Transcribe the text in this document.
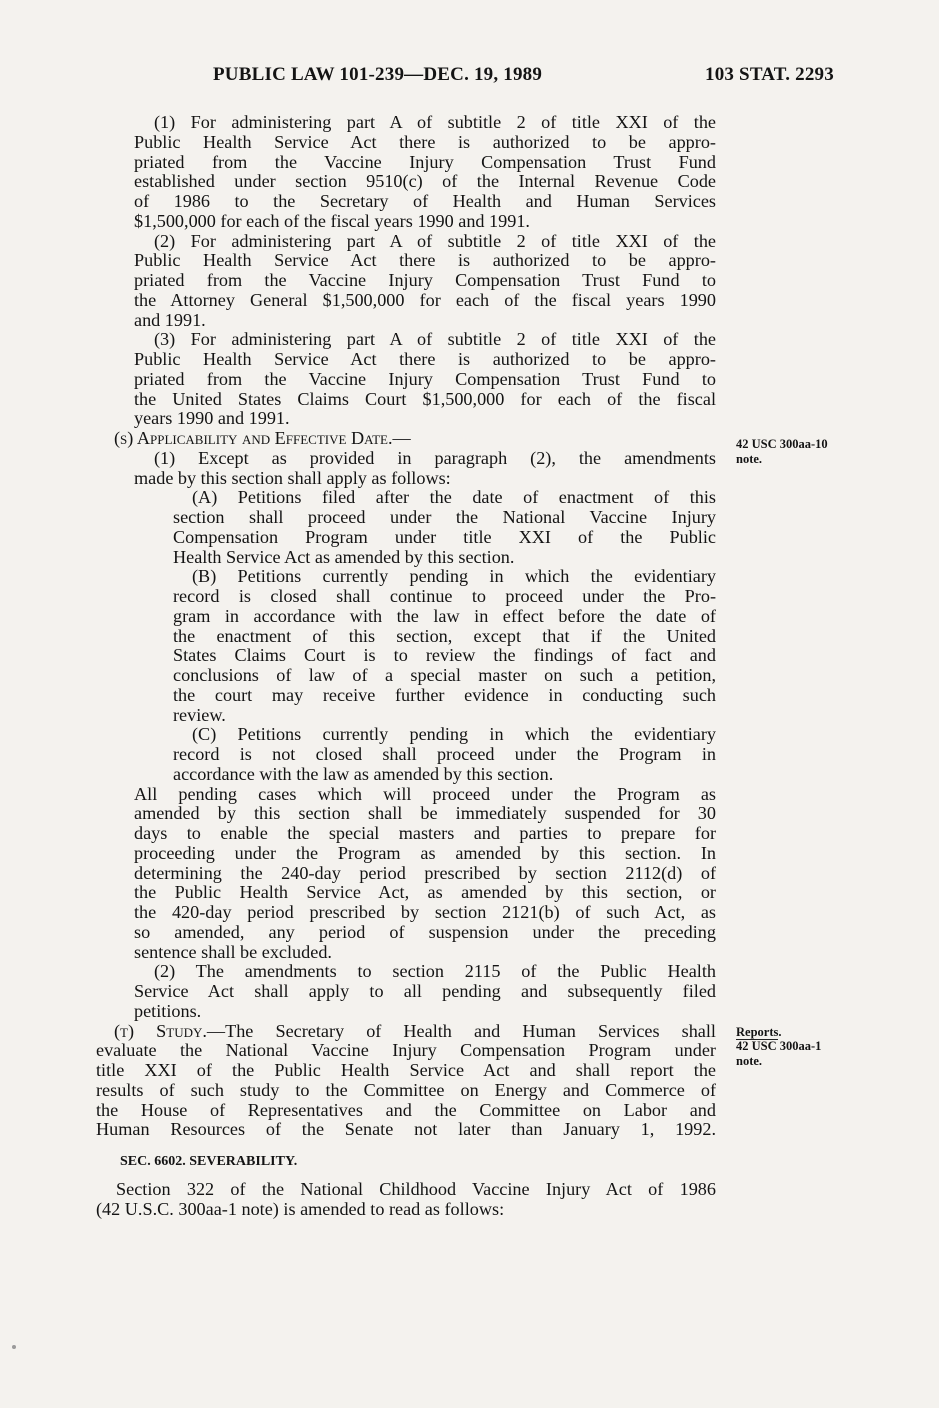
PUBLIC LAW 101-239—DEC. 19, 1989	103 STAT. 2293
(1) For administering part A of subtitle 2 of title XXI of the
Public Health Service Act there is authorized to be appro-
priated from the Vaccine Injury Compensation Trust Fund
established under section 9510(c) of the Internal Revenue Code
of 1986 to the Secretary of Health and Human Services
$1,500,000 for each of the fiscal years 1990 and 1991.
(2) For administering part A of subtitle 2 of title XXI of the
Public Health Service Act there is authorized to be appro-
priated from the Vaccine Injury Compensation Trust Fund to
the Attorney General $1,500,000 for each of the fiscal years 1990
and 1991.
(3) For administering part A of subtitle 2 of title XXI of the
Public Health Service Act there is authorized to be appro-
priated from the Vaccine Injury Compensation Trust Fund to
the United States Claims Court $1,500,000 for each of the fiscal
years 1990 and 1991.
(s) Applicability and Effective Date.—
(1) Except as provided in paragraph (2), the amendments
made by this section shall apply as follows:
(A) Petitions filed after the date of enactment of this
section shall proceed under the National Vaccine Injury
Compensation Program under title XXI of the Public
Health Service Act as amended by this section.
(B) Petitions currently pending in which the evidentiary
record is closed shall continue to proceed under the Pro-
gram in accordance with the law in effect before the date of
the enactment of this section, except that if the United
States Claims Court is to review the findings of fact and
conclusions of law of a special master on such a petition,
the court may receive further evidence in conducting such
review.
(C) Petitions currently pending in which the evidentiary
record is not closed shall proceed under the Program in
accordance with the law as amended by this section.
All pending cases which will proceed under the Program as
amended by this section shall be immediately suspended for 30
days to enable the special masters and parties to prepare for
proceeding under the Program as amended by this section. In
determining the 240-day period prescribed by section 2112(d) of
the Public Health Service Act, as amended by this section, or
the 420-day period prescribed by section 2121(b) of such Act, as
so amended, any period of suspension under the preceding
sentence shall be excluded.
(2) The amendments to section 2115 of the Public Health
Service Act shall apply to all pending and subsequently filed
petitions.
(t) Study.—The Secretary of Health and Human Services shall
evaluate the National Vaccine Injury Compensation Program under
title XXI of the Public Health Service Act and shall report the
results of such study to the Committee on Energy and Commerce of
the House of Representatives and the Committee on Labor and
Human Resources of the Senate not later than January 1, 1992.
SEC. 6602. SEVERABILITY.
Section 322 of the National Childhood Vaccine Injury Act of 1986
(42 U.S.C. 300aa-1 note) is amended to read as follows:
42 USC 300aa-10
note.
Reports.
42 USC 300aa-1
note.
